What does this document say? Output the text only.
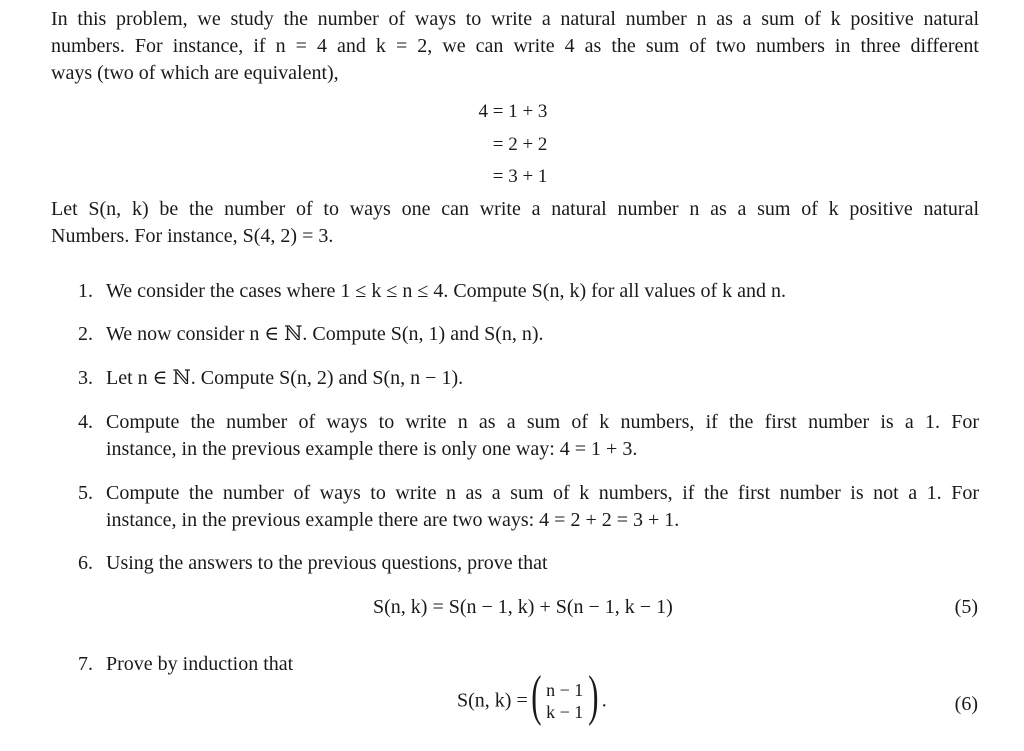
In this problem, we study the number of ways to write a natural number n as a sum of k positive natural
numbers. For instance, if n = 4 and k = 2, we can write 4 as the sum of two numbers in three different
ways (two of which are equivalent),

4 = 1 + 3
= 2 + 2
= 3 + 1

Let S(n, k) be the number of to ways one can write a natural number n as a sum of k positive natural
Numbers. For instance, S(4, 2) = 3.

1. We consider the cases where 1 ≤ k ≤ n ≤ 4. Compute S(n, k) for all values of k and n.
2. We now consider n ∈ ℕ. Compute S(n, 1) and S(n, n).
3. Let n ∈ ℕ. Compute S(n, 2) and S(n, n − 1).
4. Compute the number of ways to write n as a sum of k numbers, if the first number is a 1. For
instance, in the previous example there is only one way: 4 = 1 + 3.
5. Compute the number of ways to write n as a sum of k numbers, if the first number is not a 1. For
instance, in the previous example there are two ways: 4 = 2 + 2 = 3 + 1.
6. Using the answers to the previous questions, prove that
S(n, k) = S(n − 1, k) + S(n − 1, k − 1)	(5)
7. Prove by induction that
S(n, k) = ( n − 1
k − 1 ) .	(6)
